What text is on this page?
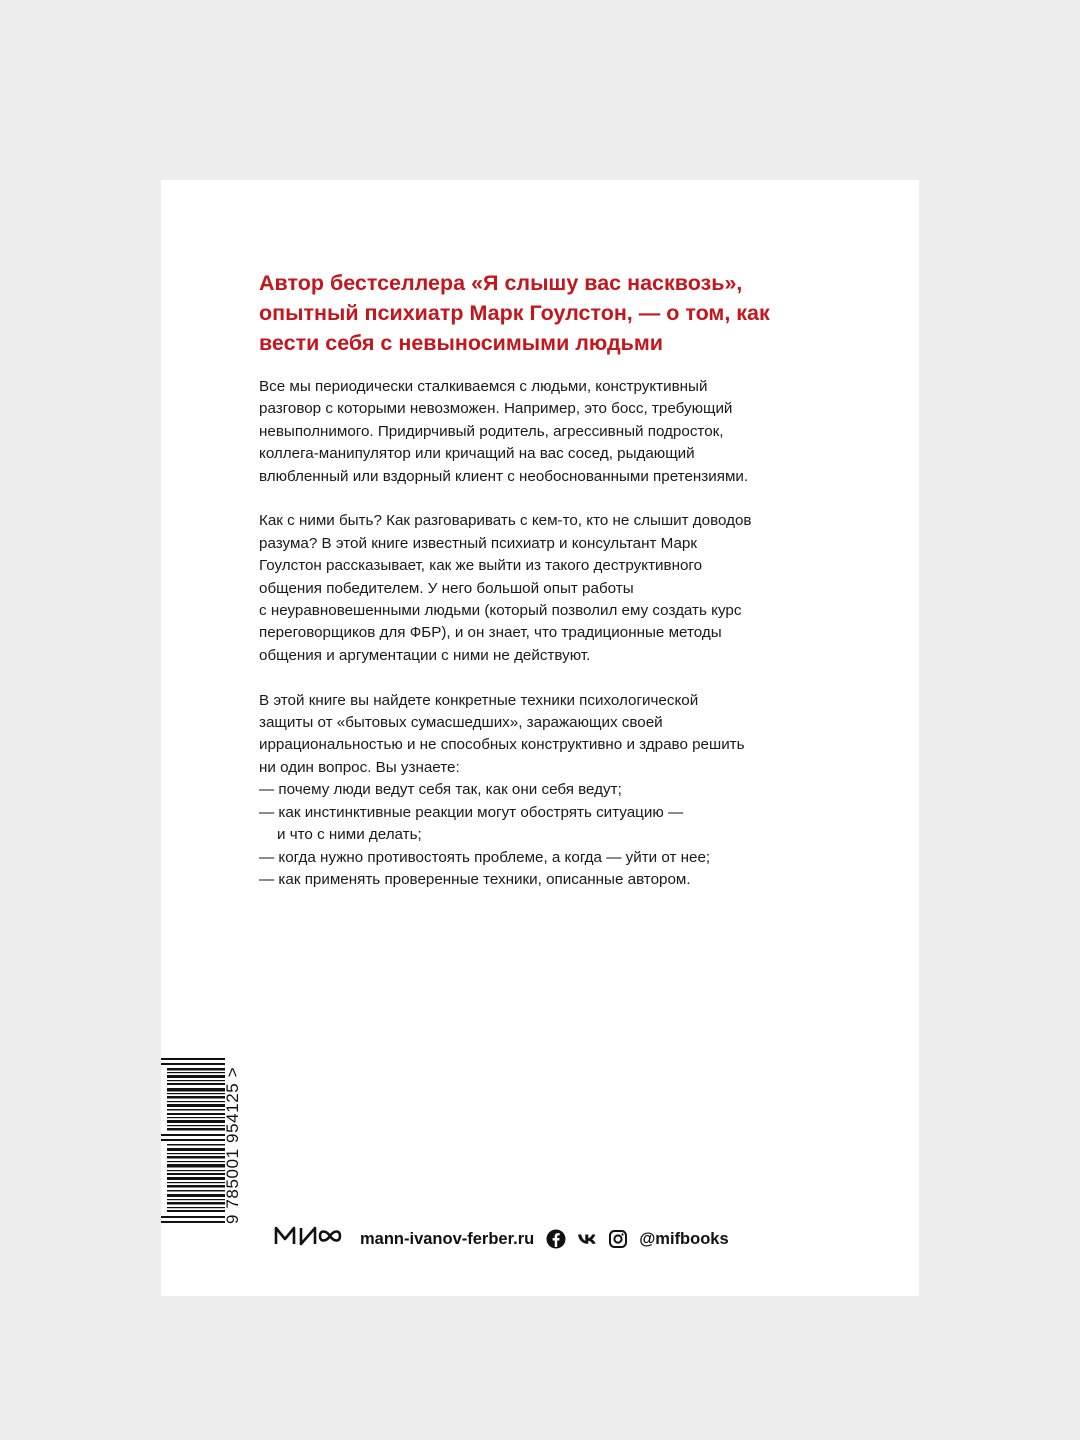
Автор бестселлера «Я слышу вас насквозь»,
опытный психиатр Марк Гоулстон, — о том, как
вести себя с невыносимыми людьми
Все мы периодически сталкиваемся с людьми, конструктивный
разговор с которыми невозможен. Например, это босс, требующий
невыполнимого. Придирчивый родитель, агрессивный подросток,
коллега-манипулятор или кричащий на вас сосед, рыдающий
влюбленный или вздорный клиент с необоснованными претензиями.
Как с ними быть? Как разговаривать с кем-то, кто не слышит доводов
разума? В этой книге известный психиатр и консультант Марк
Гоулстон рассказывает, как же выйти из такого деструктивного
общения победителем. У него большой опыт работы
с неуравновешенными людьми (который позволил ему создать курс
переговорщиков для ФБР), и он знает, что традиционные методы
общения и аргументации с ними не действуют.
В этой книге вы найдете конкретные техники психологической
защиты от «бытовых сумасшедших», заражающих своей
иррациональностью и не способных конструктивно и здраво решить
ни один вопрос. Вы узнаете:
— почему люди ведут себя так, как они себя ведут;
— как инстинктивные реакции могут обострять ситуацию —
и что с ними делать;
— когда нужно противостоять проблеме, а когда — уйти от нее;
— как применять проверенные техники, описанные автором.
9 785001 954125 >
mann-ivanov-ferber.ru	@mifbooks
